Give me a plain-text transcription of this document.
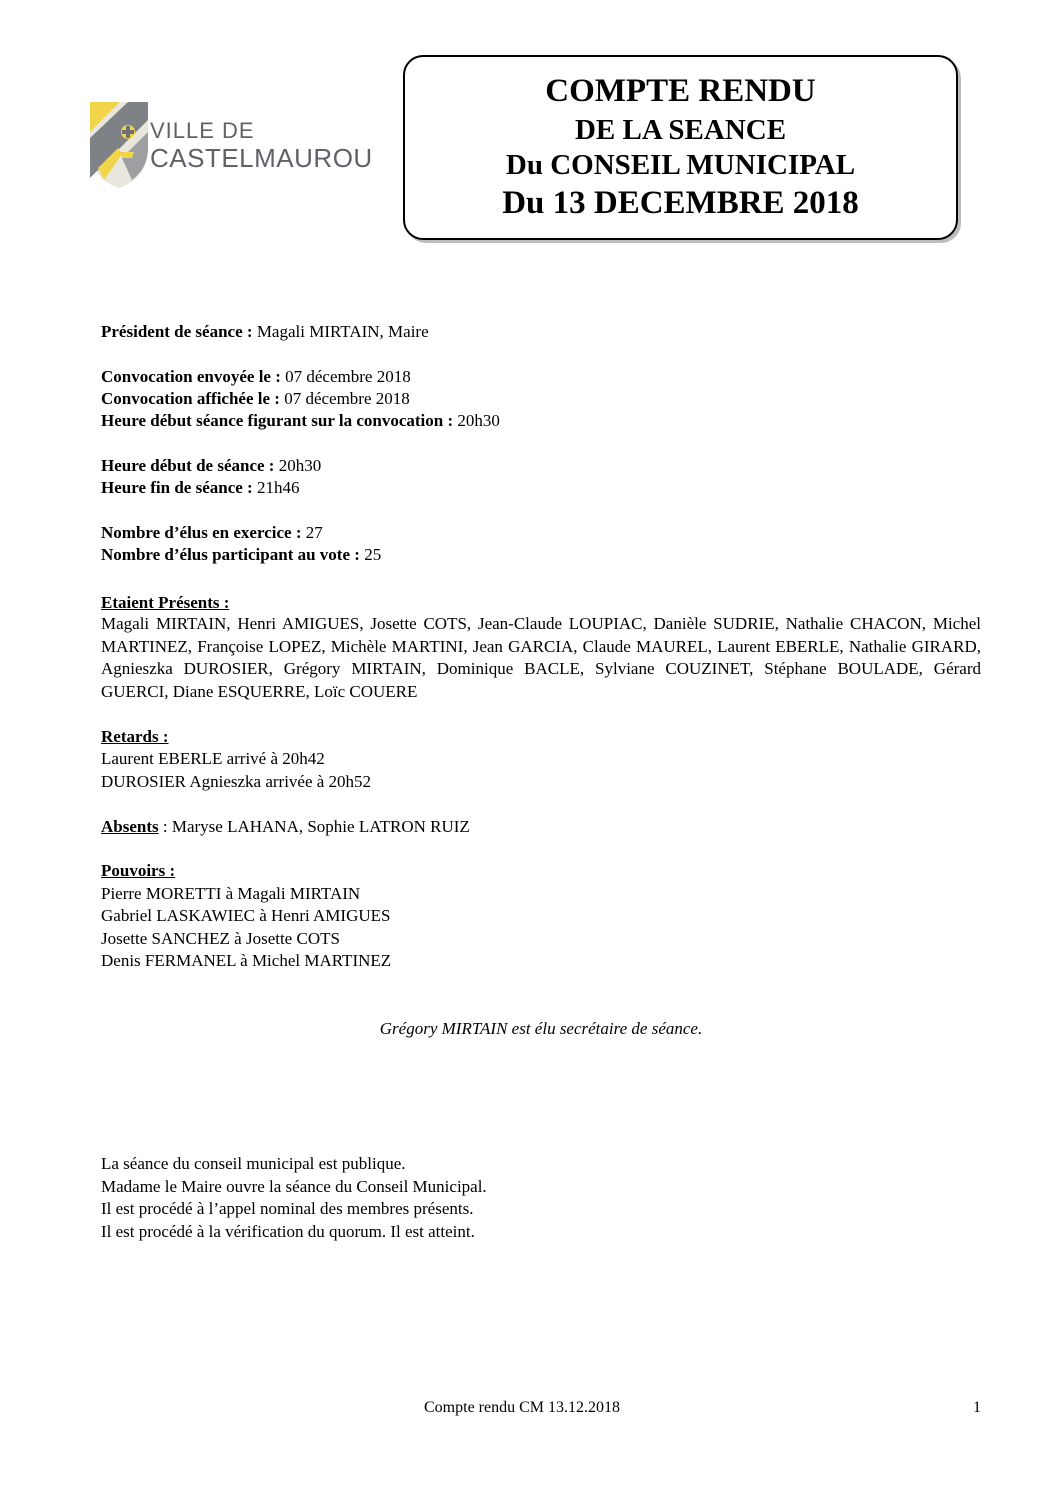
VILLE DE
CASTELMAUROU
COMPTE RENDU
DE LA SEANCE
Du CONSEIL MUNICIPAL
Du 13 DECEMBRE 2018
Président de séance : Magali MIRTAIN, Maire
Convocation envoyée le : 07 décembre 2018
Convocation affichée le : 07 décembre 2018
Heure début séance figurant sur la convocation : 20h30
Heure début de séance : 20h30
Heure fin de séance : 21h46
Nombre d’élus en exercice : 27
Nombre d’élus participant au vote : 25
Etaient Présents :
Magali MIRTAIN, Henri AMIGUES, Josette COTS, Jean-Claude LOUPIAC, Danièle SUDRIE, Nathalie CHACON, Michel MARTINEZ, Françoise LOPEZ, Michèle MARTINI, Jean GARCIA, Claude MAUREL, Laurent EBERLE, Nathalie GIRARD, Agnieszka DUROSIER, Grégory MIRTAIN, Dominique BACLE, Sylviane COUZINET, Stéphane BOULADE, Gérard GUERCI, Diane ESQUERRE, Loïc COUERE
Retards :
Laurent EBERLE arrivé à 20h42
DUROSIER Agnieszka arrivée à 20h52
Absents : Maryse LAHANA, Sophie LATRON RUIZ
Pouvoirs :
Pierre MORETTI à Magali MIRTAIN
Gabriel LASKAWIEC à Henri AMIGUES
Josette SANCHEZ à Josette COTS
Denis FERMANEL à Michel MARTINEZ
Grégory MIRTAIN est élu secrétaire de séance.
La séance du conseil municipal est publique.
Madame le Maire ouvre la séance du Conseil Municipal.
Il est procédé à l’appel nominal des membres présents.
Il est procédé à la vérification du quorum. Il est atteint.
Compte rendu CM 13.12.2018	1
